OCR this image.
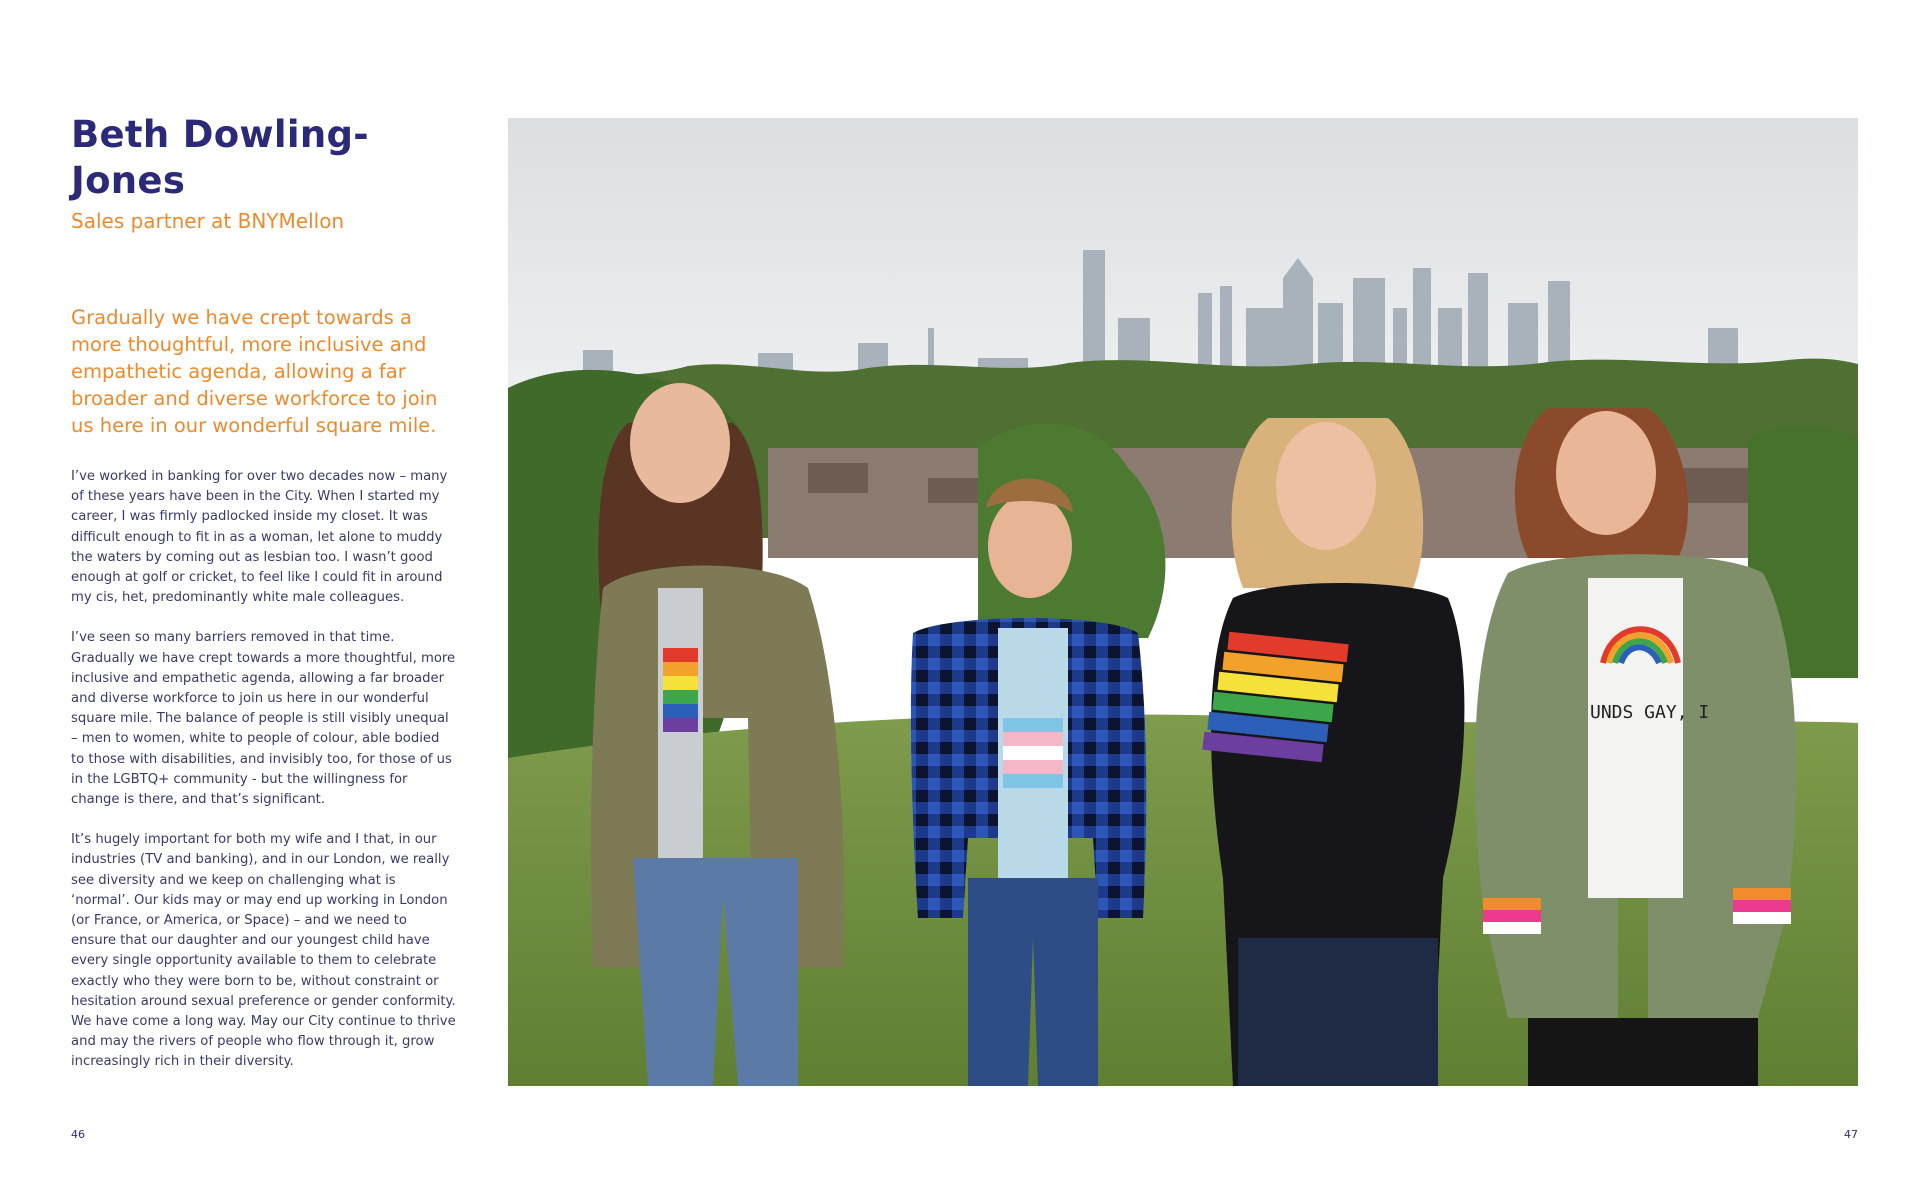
Beth Dowling-Jones
Sales partner at BNYMellon
Gradually we have crept towards a more thoughtful, more inclusive and empathetic agenda, allowing a far broader and diverse workforce to join us here in our wonderful square mile.

I’ve worked in banking for over two decades now – many of these years have been in the City. When I started my career, I was firmly padlocked inside my closet. It was difficult enough to fit in as a woman, let alone to muddy the waters by coming out as lesbian too. I wasn’t good enough at golf or cricket, to feel like I could fit in around my cis, het, predominantly white male colleagues.

I’ve seen so many barriers removed in that time. Gradually we have crept towards a more thoughtful, more inclusive and empathetic agenda, allowing a far broader and diverse workforce to join us here in our wonderful square mile. The balance of people is still visibly unequal – men to women, white to people of colour, able bodied to those with disabilities, and invisibly too, for those of us in the LGBTQ+ community - but the willingness for change is there, and that’s significant.

It’s hugely important for both my wife and I that, in our industries (TV and banking), and in our London, we really see diversity and we keep on challenging what is ‘normal’. Our kids may or may end up working in London (or France, or America, or Space) – and we need to ensure that our daughter and our youngest child have every single opportunity available to them to celebrate exactly who they were born to be, without constraint or hesitation around sexual preference or gender conformity. We have come a long way. May our City continue to thrive and may the rivers of people who flow through it, grow increasingly rich in their diversity.

UNDS GAY, I
46	47
